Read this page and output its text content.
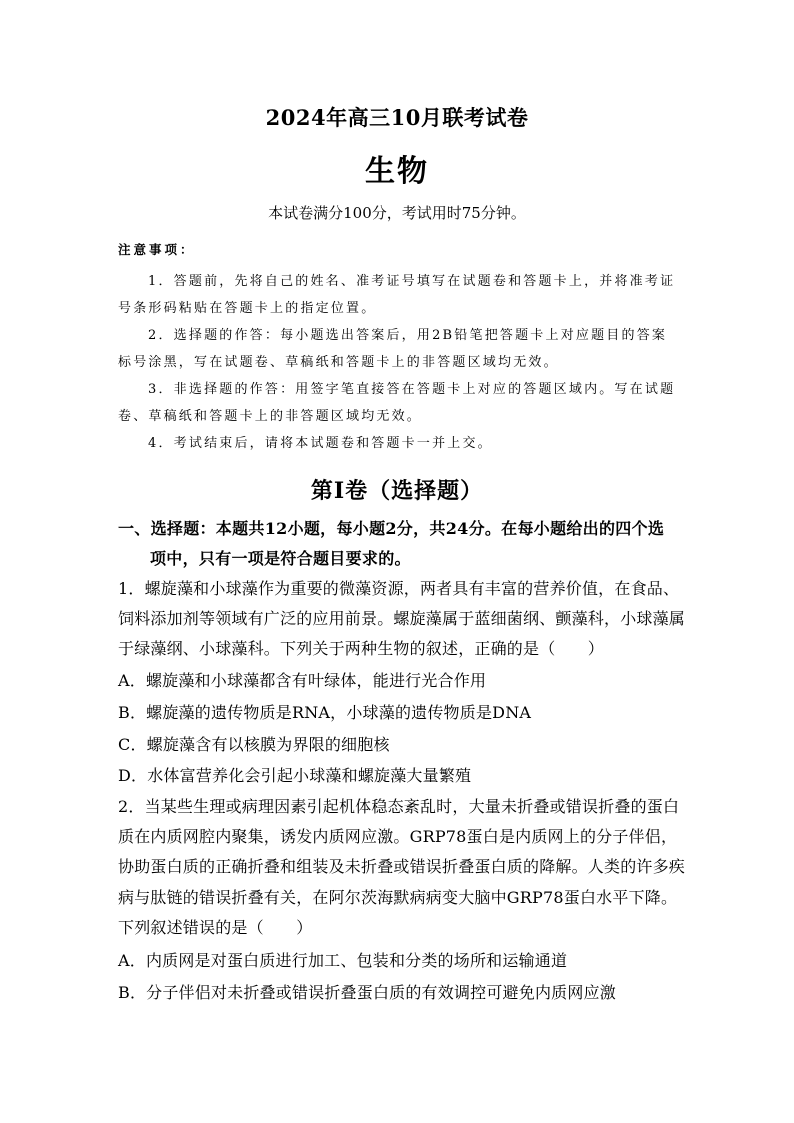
2024年高三10月联考试卷
生物
本试卷满分100分，考试用时75分钟。
注意事项：
1．答题前，先将自己的姓名、准考证号填写在试题卷和答题卡上，并将准考证
号条形码粘贴在答题卡上的指定位置。
2．选择题的作答：每小题选出答案后，用2B铅笔把答题卡上对应题目的答案
标号涂黑，写在试题卷、草稿纸和答题卡上的非答题区域均无效。
3．非选择题的作答：用签字笔直接答在答题卡上对应的答题区域内。写在试题
卷、草稿纸和答题卡上的非答题区域均无效。
4．考试结束后，请将本试题卷和答题卡一并上交。
第Ⅰ卷（选择题）
一、选择题：本题共12小题，每小题2分，共24分。在每小题给出的四个选
项中，只有一项是符合题目要求的。
1．螺旋藻和小球藻作为重要的微藻资源，两者具有丰富的营养价值，在食品、
饲料添加剂等领域有广泛的应用前景。螺旋藻属于蓝细菌纲、颤藻科，小球藻属
于绿藻纲、小球藻科。下列关于两种生物的叙述，正确的是（　　）
A．螺旋藻和小球藻都含有叶绿体，能进行光合作用
B．螺旋藻的遗传物质是RNA，小球藻的遗传物质是DNA
C．螺旋藻含有以核膜为界限的细胞核
D．水体富营养化会引起小球藻和螺旋藻大量繁殖
2．当某些生理或病理因素引起机体稳态紊乱时，大量未折叠或错误折叠的蛋白
质在内质网腔内聚集，诱发内质网应激。GRP78蛋白是内质网上的分子伴侣，
协助蛋白质的正确折叠和组装及未折叠或错误折叠蛋白质的降解。人类的许多疾
病与肽链的错误折叠有关，在阿尔茨海默病病变大脑中GRP78蛋白水平下降。
下列叙述错误的是（　　）
A．内质网是对蛋白质进行加工、包装和分类的场所和运输通道
B．分子伴侣对未折叠或错误折叠蛋白质的有效调控可避免内质网应激
